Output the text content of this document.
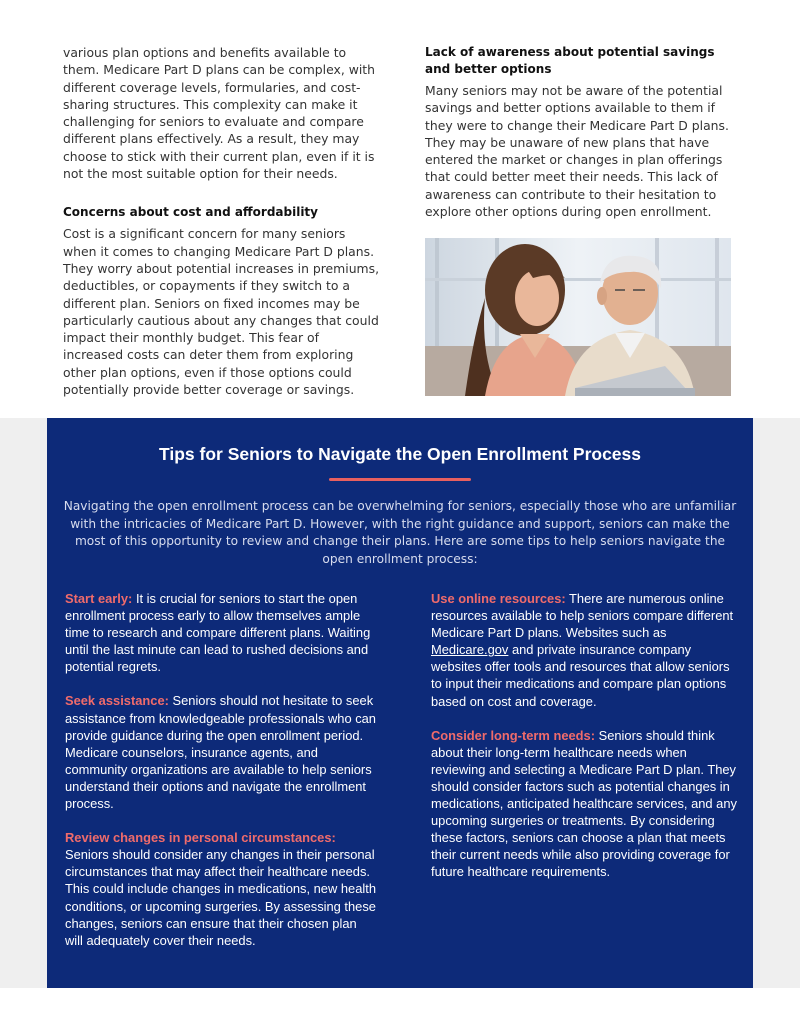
various plan options and benefits available to them. Medicare Part D plans can be complex, with different coverage levels, formularies, and cost-sharing structures. This complexity can make it challenging for seniors to evaluate and compare different plans effectively. As a result, they may choose to stick with their current plan, even if it is not the most suitable option for their needs.

Concerns about cost and affordability

Cost is a significant concern for many seniors when it comes to changing Medicare Part D plans. They worry about potential increases in premiums, deductibles, or copayments if they switch to a different plan. Seniors on fixed incomes may be particularly cautious about any changes that could impact their monthly budget. This fear of increased costs can deter them from exploring other plan options, even if those options could potentially provide better coverage or savings.

Lack of awareness about potential savings and better options

Many seniors may not be aware of the potential savings and better options available to them if they were to change their Medicare Part D plans. They may be unaware of new plans that have entered the market or changes in plan offerings that could better meet their needs. This lack of awareness can contribute to their hesitation to explore other options during open enrollment.

Tips for Seniors to Navigate the Open Enrollment Process

Navigating the open enrollment process can be overwhelming for seniors, especially those who are unfamiliar with the intricacies of Medicare Part D. However, with the right guidance and support, seniors can make the most of this opportunity to review and change their plans. Here are some tips to help seniors navigate the open enrollment process:

Start early: It is crucial for seniors to start the open enrollment process early to allow themselves ample time to research and compare different plans. Waiting until the last minute can lead to rushed decisions and potential regrets.

Seek assistance: Seniors should not hesitate to seek assistance from knowledgeable professionals who can provide guidance during the open enrollment period. Medicare counselors, insurance agents, and community organizations are available to help seniors understand their options and navigate the enrollment process.

Review changes in personal circumstances:
Seniors should consider any changes in their personal circumstances that may affect their healthcare needs. This could include changes in medications, new health conditions, or upcoming surgeries. By assessing these changes, seniors can ensure that their chosen plan will adequately cover their needs.

Use online resources: There are numerous online resources available to help seniors compare different Medicare Part D plans. Websites such as Medicare.gov and private insurance company websites offer tools and resources that allow seniors to input their medications and compare plan options based on cost and coverage.

Consider long-term needs: Seniors should think about their long-term healthcare needs when reviewing and selecting a Medicare Part D plan. They should consider factors such as potential changes in medications, anticipated healthcare services, and any upcoming surgeries or treatments. By considering these factors, seniors can choose a plan that meets their current needs while also providing coverage for future healthcare requirements.
